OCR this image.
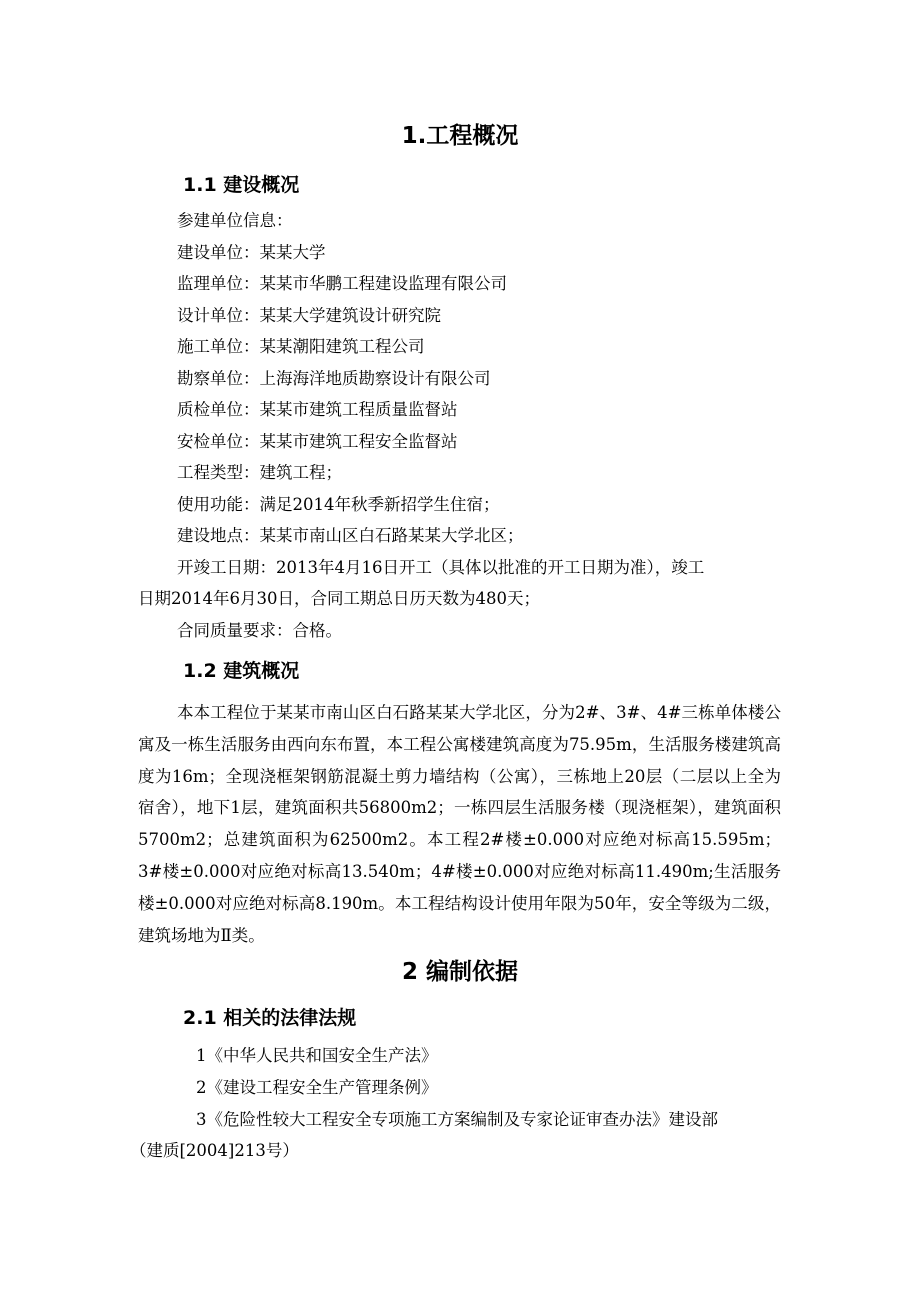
1.工程概况
1.1 建设概况

参建单位信息：

建设单位：某某大学

监理单位：某某市华鹏工程建设监理有限公司

设计单位：某某大学建筑设计研究院

施工单位：某某潮阳建筑工程公司

勘察单位：上海海洋地质勘察设计有限公司

质检单位：某某市建筑工程质量监督站

安检单位：某某市建筑工程安全监督站

工程类型：建筑工程；

使用功能：满足2014年秋季新招学生住宿；

建设地点：某某市南山区白石路某某大学北区；

开竣工日期：2013年4月16日开工（具体以批准的开工日期为准），竣工

日期2014年6月30日，合同工期总日历天数为480天；

合同质量要求：合格。

1.2 建筑概况

本本工程位于某某市南山区白石路某某大学北区，分为2#、3#、4#三栋单体楼公寓及一栋生活服务由西向东布置，本工程公寓楼建筑高度为75.95m，生活服务楼建筑高度为16m；全现浇框架钢筋混凝土剪力墙结构（公寓），三栋地上20层（二层以上全为宿舍），地下1层，建筑面积共56800m2；一栋四层生活服务楼（现浇框架），建筑面积5700m2；总建筑面积为62500m2。本工程2#楼±0.000对应绝对标高15.595m；3#楼±0.000对应绝对标高13.540m；4#楼±0.000对应绝对标高11.490m;生活服务楼±0.000对应绝对标高8.190m。本工程结构设计使用年限为50年，安全等级为二级，建筑场地为Ⅱ类。

2 编制依据
2.1 相关的法律法规

1《中华人民共和国安全生产法》

2《建设工程安全生产管理条例》

3《危险性较大工程安全专项施工方案编制及专家论证审查办法》建设部

（建质[2004]213号）
